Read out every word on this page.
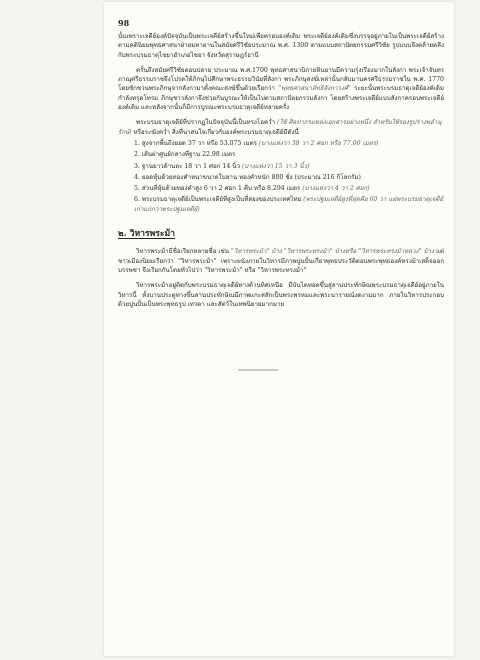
98

นั้นเพราะเจดีย์องค์ปัจจุบันเป็นพระเจดีย์สร้างขึ้นใหม่เพื่อครอบองค์เดิม พระเจดีย์องค์เดิมซึ่งบรรจุอยู่ภายในเป็นพระเจดีย์สร้างตามคตินิยมพุทธศาสนาฝ่ายมหายานในสมัยศรีวิชัยประมาณ พ.ศ. 1300 ตามแบบสถาปัตยกรรมศรีวิชัย รูปแบบจึงคล้ายคลึงกับพระบรมธาตุไชยาอำเภอไชยา จังหวัดสุราษฎร์ธานี

ครั้นถึงสมัยศรีวิชัยตอนปลาย ประมาณ พ.ศ.1700 พุทธศาสนานิกายหินยานมีความรุ่งเรืองมากในลังกา พระเจ้าจันทรภาณุศรีธรรมราชจึงโปรดให้ภิกษุไปศึกษาพระธรรมวินัยที่ลังกา พระภิกษุสงฆ์เหล่านั้นกลับมานครศรีธรรมราชใน พ.ศ. 1770 โดยชักชวนพระภิกษุจากลังกามาตั้งคณะสงฆ์ขึ้นด้วยเรียกว่า "พุทธศาสนาลัทธิลังกาวงศ์" ระยะนั้นพระบรมธาตุเจดีย์องค์เดิมกำลังทรุดโทรม ภิกษุชาวลังกาจึงช่วยกันบูรณะให้เป็นไปตามสถาปัตยกรรมลังกา โดยสร้างพระเจดีย์แบบลังกาครอบพระเจดีย์องค์เดิม และหลังจากนั้นก็มีการบูรณะพระบรมธาตุเจดีย์หลายครั้ง

พระบรมธาตุเจดีย์ที่ปรากฏในปัจจุบันนี้เป็นทรงโอคว่ำ (ใช้ ศิลปากรแหล่งเอกสารอย่างหนึ่ง สำหรับใช้รองรูปร่างพลำนุรักษ์) หรือระฆังคว่ำ สิ่งที่น่าสนใจเกี่ยวกับองค์พระบรมธาตุเจดีย์มีดังนี้

1. สูงจากพื้นถึงยอด 37 วา หรือ 53.075 เมตร (บางแห่งว่า 38 วา 2 ศอก หรือ 77.00 เมตร)
2. เส้นผ่าศูนย์กลางที่ฐาน 22.98 เมตร
3. ฐานยาวด้านละ 18 วา 1 ศอก 14 นิ้ว (บางแห่งว่า 15 วา 3 นิ้ว)
4. ยอดหุ้มด้วยทองคำหนาขนาดใบลาน ทองคำหนัก 800 ชั่ง (ประมาณ 216 กิโลกรัม)
5. ส่วนที่หุ้มด้วยทองคำสูง 6 วา 2 ศอก 1 คืบ หรือ 8.294 เมตร (บางแห่งว่า 4 วา 2 ศอก)
6. พระบรมธาตุเจดีย์เป็นพระเจดีย์ที่สูงเป็นที่สองของประเทศไทย (พระปฐมเจดีย์สูงที่สุดคือ 60 วา แต่พระบรมธาตุเจดีย์เก่าแก่กว่าพระปฐมเจดีย์)
๒. วิหารพระม้า

วิหารพระม้ามีชื่อเรียกหลายชื่อ เช่น "วิหารพระม้า" บ้าง "วิหารพระทรงม้า" บ้างหรือ "วิหารพระทรงม้าหลวง" บ้าง แต่ชาวเมืองนิยมเรียกว่า "วิหารพระม้า" เพราะผนังภายในวิหารมีภาพปูนปั้นเกี่ยวพุทธประวัติตอนพระพุทธองค์ทรงม้าเสด็จออกบรรพชา จึงเรียกกันโดยทั่วไปว่า "วิหารพระม้า" หรือ "วิหารพระทรงม้า"

วิหารพระม้าอยู่ติดกับพระบรมธาตุเจดีย์ทางด้านทิศเหนือ มีบันไดทอดขึ้นสู่ลานประทักษิณพระบรมธาตุเจดีย์อยู่ภายในวิหารนี้ ทั้งบานประตูทางขึ้นลานประทักษิณมีภาพแกะสลักเป็นพระพรหมและพระนารายณ์งดงามมาก ภายในวิหารประกอบด้วยปูนปั้นเป็นพระพุทธรูป เทวดา และสัตว์ในเทพนิยายมากมาย
